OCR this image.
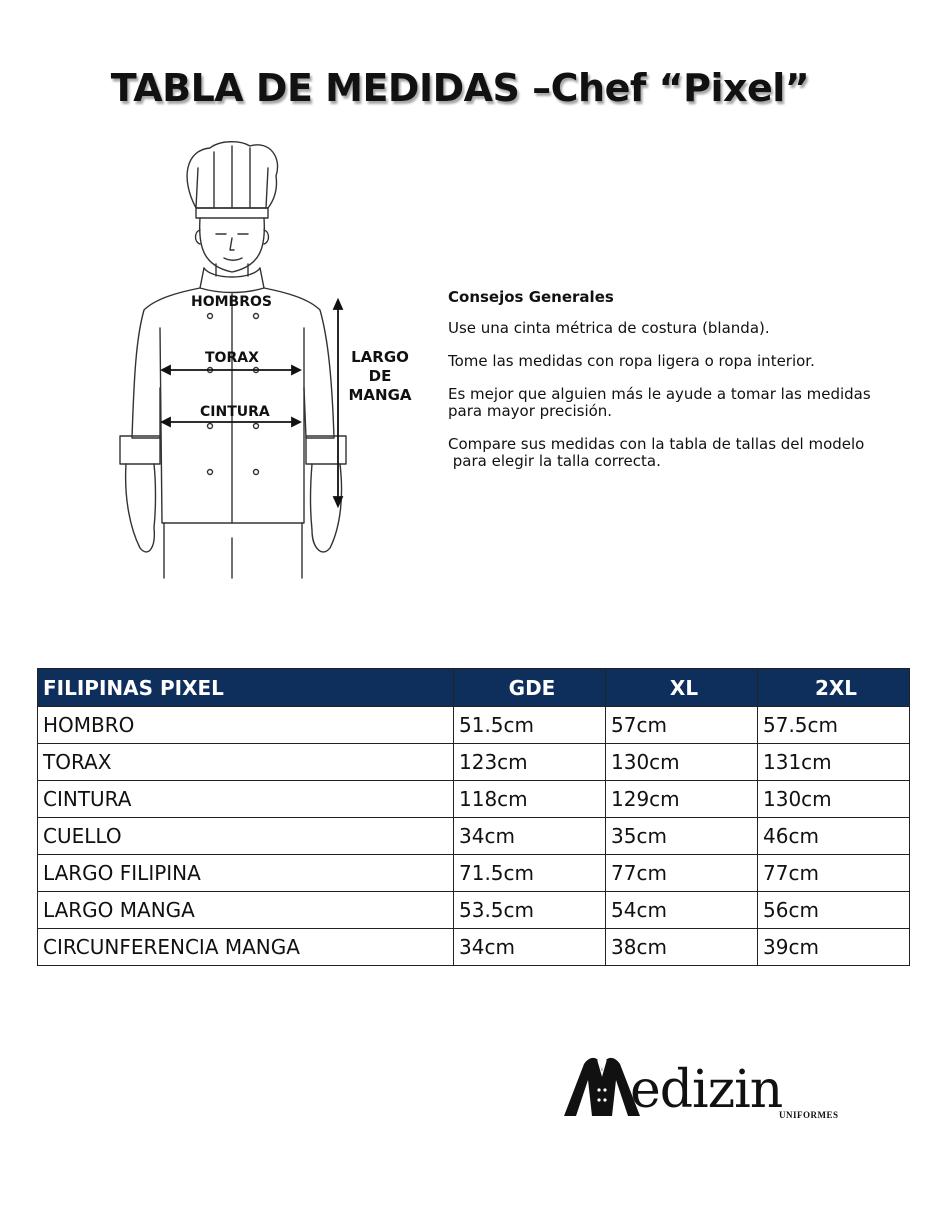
TABLA DE MEDIDAS –Chef “Pixel”
HOMBROS
TORAX
CINTURA
LARGO
DE
MANGA
Consejos Generales
Use una cinta métrica de costura (blanda).
Tome las medidas con ropa ligera o ropa interior.
Es mejor que alguien más le ayude a tomar las medidas
para mayor precisión.
Compare sus medidas con la tabla de tallas del modelo
para elegir la talla correcta.
FILIPINAS PIXEL	GDE	XL	2XL
HOMBRO	51.5cm	57cm	57.5cm
TORAX	123cm	130cm	131cm
CINTURA	118cm	129cm	130cm
CUELLO	34cm	35cm	46cm
LARGO FILIPINA	71.5cm	77cm	77cm
LARGO MANGA	53.5cm	54cm	56cm
CIRCUNFERENCIA MANGA	34cm	38cm	39cm
edizin
UNIFORMES
